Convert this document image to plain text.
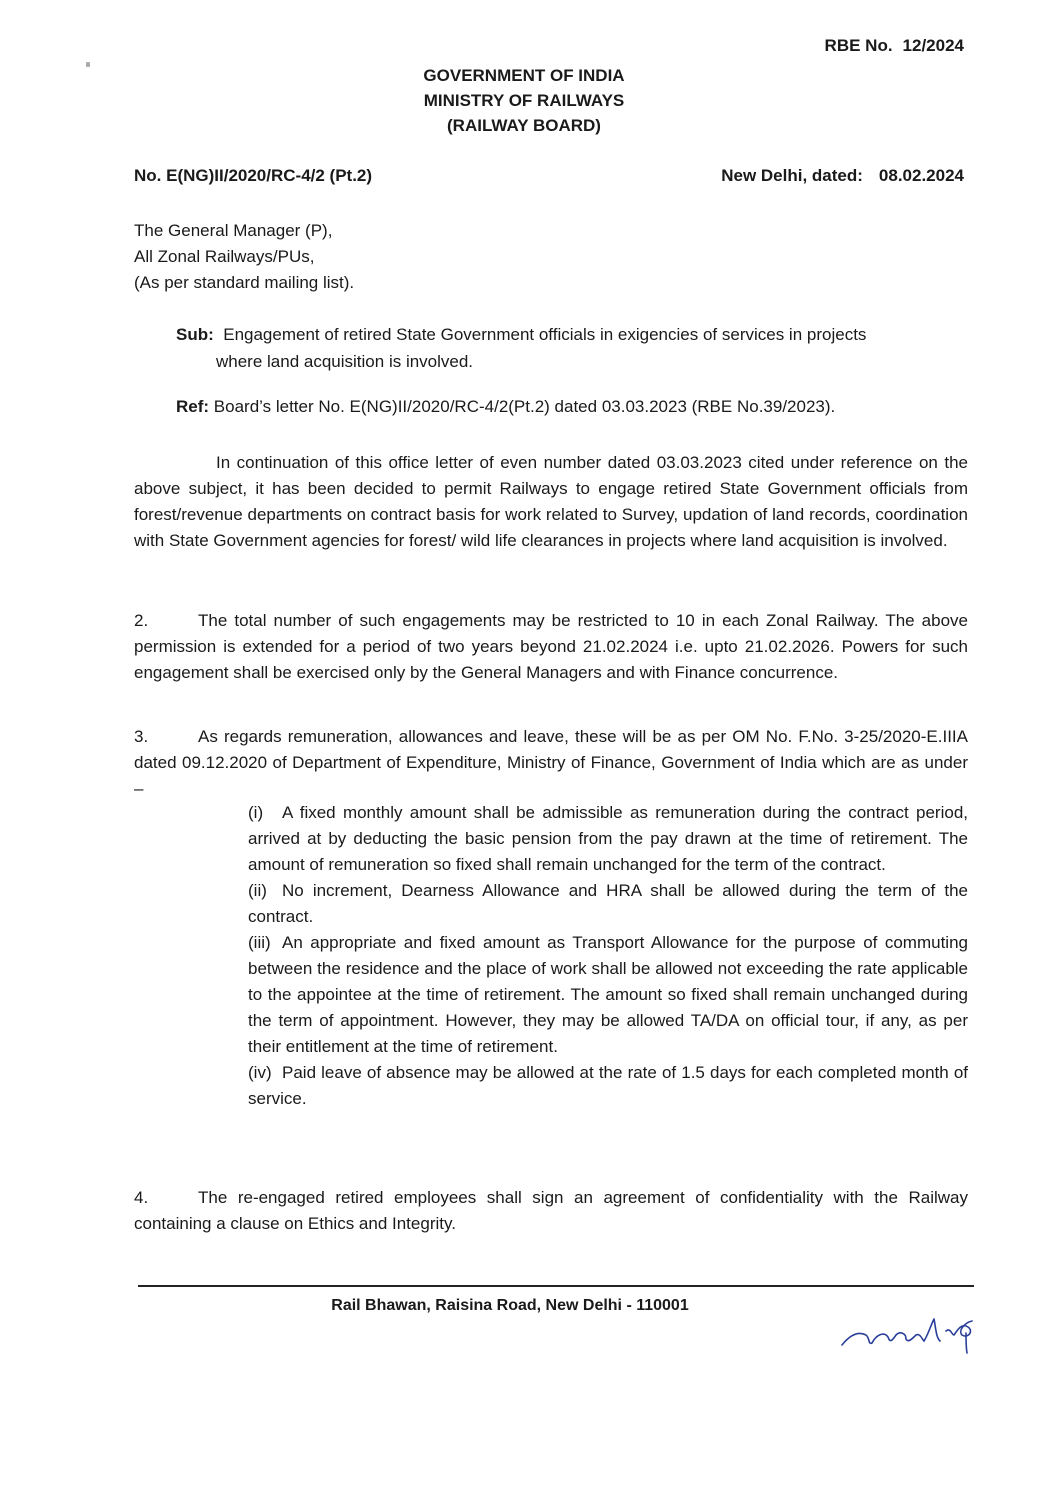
RBE No. 12/2024
GOVERNMENT OF INDIA
MINISTRY OF RAILWAYS
(RAILWAY BOARD)
No. E(NG)II/2020/RC-4/2 (Pt.2)	New Delhi, dated: 08.02.2024
The General Manager (P),
All Zonal Railways/PUs,
(As per standard mailing list).
Sub: Engagement of retired State Government officials in exigencies of services in projects
where land acquisition is involved.
Ref: Board’s letter No. E(NG)II/2020/RC-4/2(Pt.2) dated 03.03.2023 (RBE No.39/2023).
In continuation of this office letter of even number dated 03.03.2023 cited under reference on the above subject, it has been decided to permit Railways to engage retired State Government officials from forest/revenue departments on contract basis for work related to Survey, updation of land records, coordination with State Government agencies for forest/ wild life clearances in projects where land acquisition is involved.
2.	The total number of such engagements may be restricted to 10 in each Zonal Railway. The above permission is extended for a period of two years beyond 21.02.2024 i.e. upto 21.02.2026. Powers for such engagement shall be exercised only by the General Managers and with Finance concurrence.
3.	As regards remuneration, allowances and leave, these will be as per OM No. F.No. 3-25/2020-E.IIIA dated 09.12.2020 of Department of Expenditure, Ministry of Finance, Government of India which are as under –

(i) A fixed monthly amount shall be admissible as remuneration during the contract period, arrived at by deducting the basic pension from the pay drawn at the time of retirement. The amount of remuneration so fixed shall remain unchanged for the term of the contract.

(ii) No increment, Dearness Allowance and HRA shall be allowed during the term of the contract.

(iii) An appropriate and fixed amount as Transport Allowance for the purpose of commuting between the residence and the place of work shall be allowed not exceeding the rate applicable to the appointee at the time of retirement. The amount so fixed shall remain unchanged during the term of appointment. However, they may be allowed TA/DA on official tour, if any, as per their entitlement at the time of retirement.

(iv) Paid leave of absence may be allowed at the rate of 1.5 days for each completed month of service.

4.	The re-engaged retired employees shall sign an agreement of confidentiality with the Railway containing a clause on Ethics and Integrity.
Rail Bhawan, Raisina Road, New Delhi - 110001
